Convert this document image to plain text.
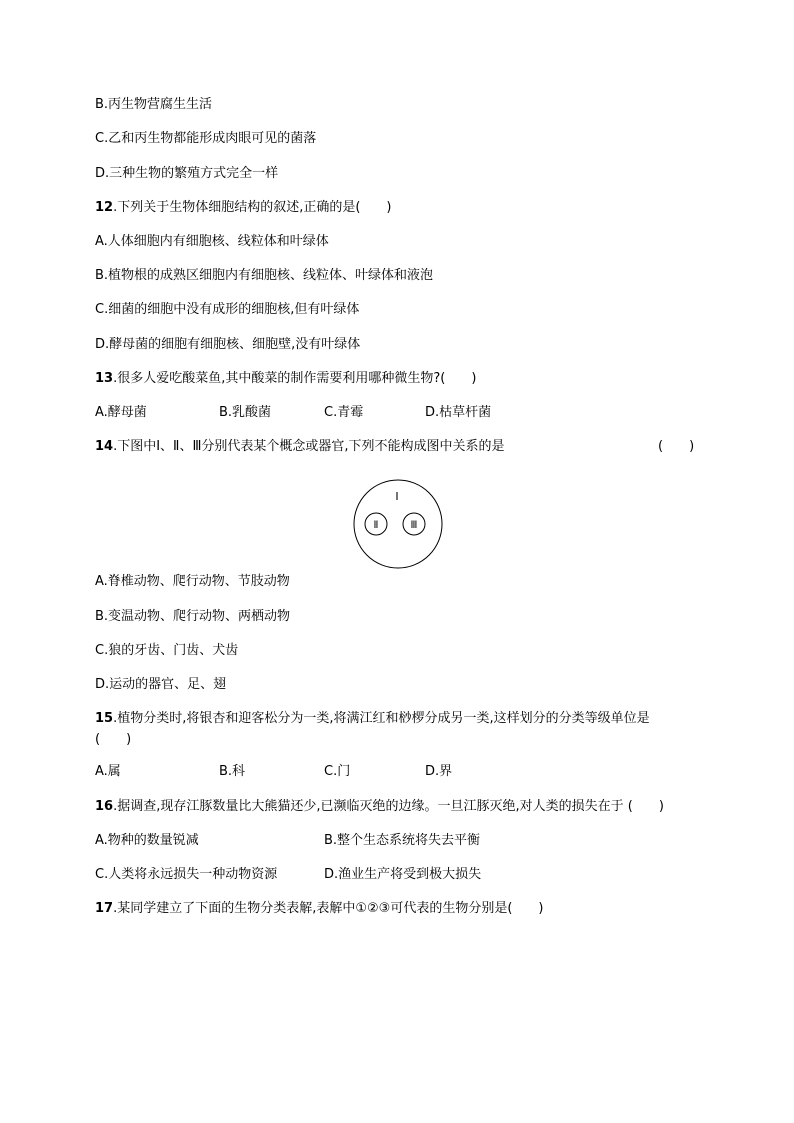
B.丙生物营腐生生活
C.乙和丙生物都能形成肉眼可见的菌落
D.三种生物的繁殖方式完全一样
12.下列关于生物体细胞结构的叙述,正确的是(　　)
A.人体细胞内有细胞核、线粒体和叶绿体
B.植物根的成熟区细胞内有细胞核、线粒体、叶绿体和液泡
C.细菌的细胞中没有成形的细胞核,但有叶绿体
D.酵母菌的细胞有细胞核、细胞壁,没有叶绿体
13.很多人爱吃酸菜鱼,其中酸菜的制作需要利用哪种微生物?(　　)
A.酵母菌	B.乳酸菌	C.青霉	D.枯草杆菌
14.下图中Ⅰ、Ⅱ、Ⅲ分别代表某个概念或器官,下列不能构成图中关系的是	(　　)
Ⅰ
Ⅱ	Ⅲ
A.脊椎动物、爬行动物、节肢动物
B.变温动物、爬行动物、两栖动物
C.狼的牙齿、门齿、犬齿
D.运动的器官、足、翅
15.植物分类时,将银杏和迎客松分为一类,将满江红和桫椤分成另一类,这样划分的分类等级单位是
(　　)
A.属	B.科	C.门	D.界
16.据调查,现存江豚数量比大熊猫还少,已濒临灭绝的边缘。一旦江豚灭绝,对人类的损失在于 (　　)
A.物种的数量锐减	B.整个生态系统将失去平衡
C.人类将永远损失一种动物资源	D.渔业生产将受到极大损失
17.某同学建立了下面的生物分类表解,表解中①②③可代表的生物分别是(　　)
